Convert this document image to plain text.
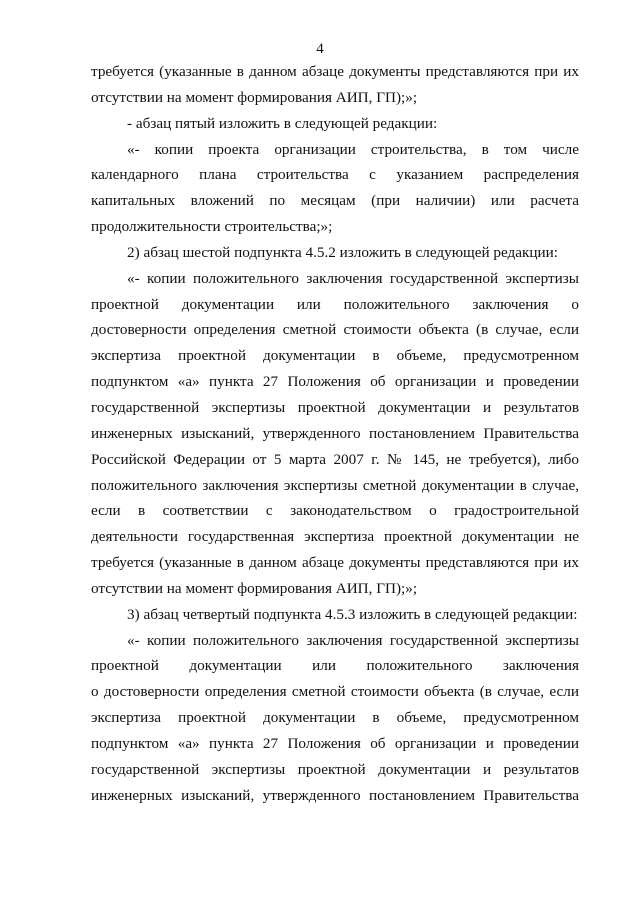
4

требуется (указанные в данном абзаце документы представляются при их

отсутствии на момент формирования АИП, ГП);»;

- абзац пятый изложить в следующей редакции:

«- копии проекта организации строительства, в том числе

календарного плана строительства с указанием распределения

капитальных вложений по месяцам (при наличии) или расчета

продолжительности строительства;»;

2) абзац шестой подпункта 4.5.2 изложить в следующей редакции:

«- копии положительного заключения государственной экспертизы

проектной документации или положительного заключения о

достоверности определения сметной стоимости объекта (в случае, если

экспертиза проектной документации в объеме, предусмотренном

подпунктом «а» пункта 27 Положения об организации и проведении

государственной экспертизы проектной документации и результатов

инженерных изысканий, утвержденного постановлением Правительства

Российской Федерации от 5 марта 2007 г. № 145, не требуется), либо

положительного заключения экспертизы сметной документации в случае,

если в соответствии с законодательством о градостроительной

деятельности государственная экспертиза проектной документации не

требуется (указанные в данном абзаце документы представляются при их

отсутствии на момент формирования АИП, ГП);»;

3) абзац четвертый подпункта 4.5.3 изложить в следующей редакции:

«- копии положительного заключения государственной экспертизы

проектной документации или положительного заключения

о достоверности определения сметной стоимости объекта (в случае, если

экспертиза проектной документации в объеме, предусмотренном

подпунктом «а» пункта 27 Положения об организации и проведении

государственной экспертизы проектной документации и результатов

инженерных изысканий, утвержденного постановлением Правительства
